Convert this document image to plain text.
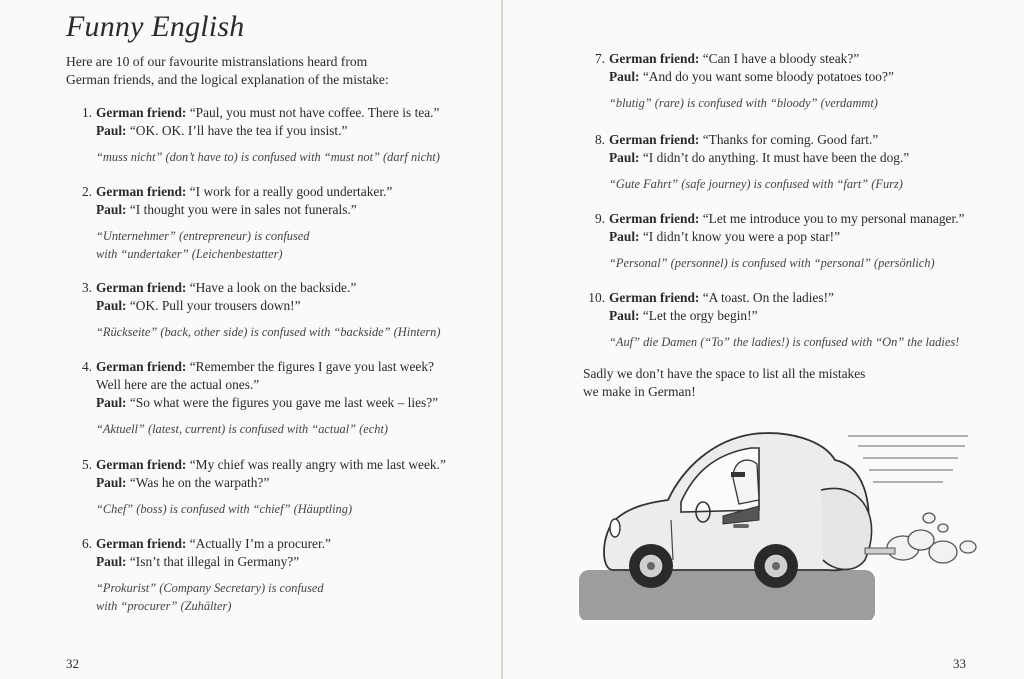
Funny English
Here are 10 of our favourite mistranslations heard from German friends, and the logical explanation of the mistake:
1. German friend: “Paul, you must not have coffee. There is tea.”
Paul: “OK. OK. I’ll have the tea if you insist.”
“muss nicht” (don’t have to) is confused with “must not” (darf nicht)
2. German friend: “I work for a really good undertaker.”
Paul: “I thought you were in sales not funerals.”
“Unternehmer” (entrepreneur) is confused
with “undertaker” (Leichenbestatter)
3. German friend: “Have a look on the backside.”
Paul: “OK. Pull your trousers down!”
“Rückseite” (back, other side) is confused with “backside” (Hintern)
4. German friend: “Remember the figures I gave you last week?
Well here are the actual ones.”
Paul: “So what were the figures you gave me last week – lies?”
“Aktuell” (latest, current) is confused with “actual” (echt)
5. German friend: “My chief was really angry with me last week.”
Paul: “Was he on the warpath?”
“Chef” (boss) is confused with “chief” (Häuptling)
6. German friend: “Actually I’m a procurer.”
Paul: “Isn’t that illegal in Germany?”
“Prokurist” (Company Secretary) is confused
with “procurer” (Zuhälter)
32
7. German friend: “Can I have a bloody steak?”
Paul: “And do you want some bloody potatoes too?”
“blutig” (rare) is confused with “bloody” (verdammt)
8. German friend: “Thanks for coming. Good fart.”
Paul: “I didn’t do anything. It must have been the dog.”
“Gute Fahrt” (safe journey) is confused with “fart” (Furz)
9. German friend: “Let me introduce you to my personal manager.”
Paul: “I didn’t know you were a pop star!”
“Personal” (personnel) is confused with “personal” (persönlich)
10. German friend: “A toast. On the ladies!”
Paul: “Let the orgy begin!”
“Auf” die Damen (“To” the ladies!) is confused with “On” the ladies!
Sadly we don’t have the space to list all the mistakes we make in German!
33
